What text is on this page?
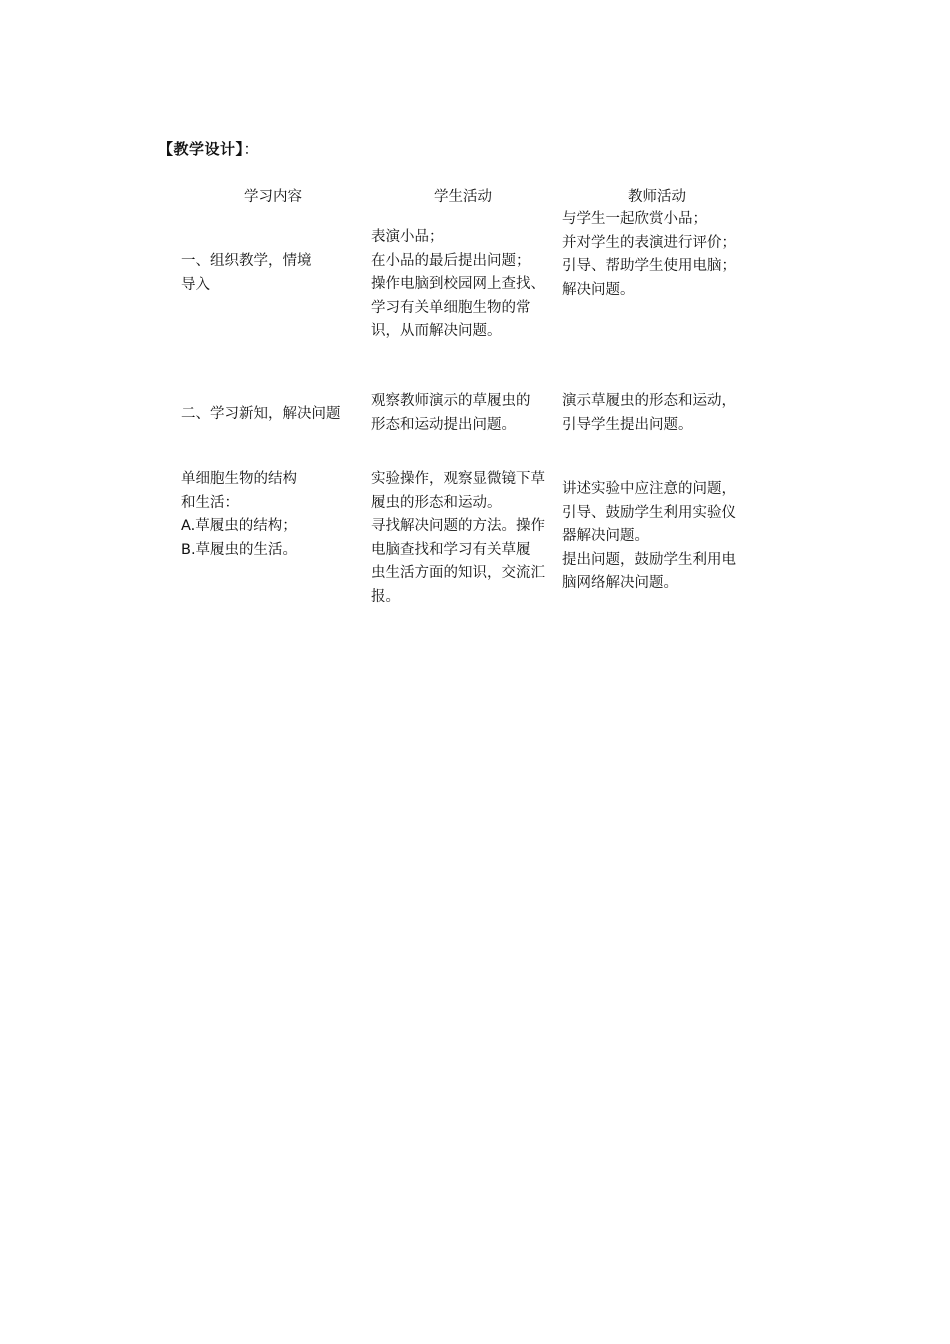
【教学设计】：
学习内容	学生活动	教师活动

一、组织教学，情境
导入

表演小品；
在小品的最后提出问题；
操作电脑到校园网上查找、
学习有关单细胞生物的常
识，从而解决问题。

与学生一起欣赏小品；
并对学生的表演进行评价；
引导、帮助学生使用电脑；
解决问题。

二、学习新知，解决问题

观察教师演示的草履虫的
形态和运动提出问题。

演示草履虫的形态和运动，
引导学生提出问题。

单细胞生物的结构
和生活：
A.草履虫的结构；
B.草履虫的生活。

实验操作，观察显微镜下草
履虫的形态和运动。
寻找解决问题的方法。操作
电脑查找和学习有关草履
虫生活方面的知识，交流汇
报。

讲述实验中应注意的问题，
引导、鼓励学生利用实验仪
器解决问题。
提出问题，鼓励学生利用电
脑网络解决问题。
